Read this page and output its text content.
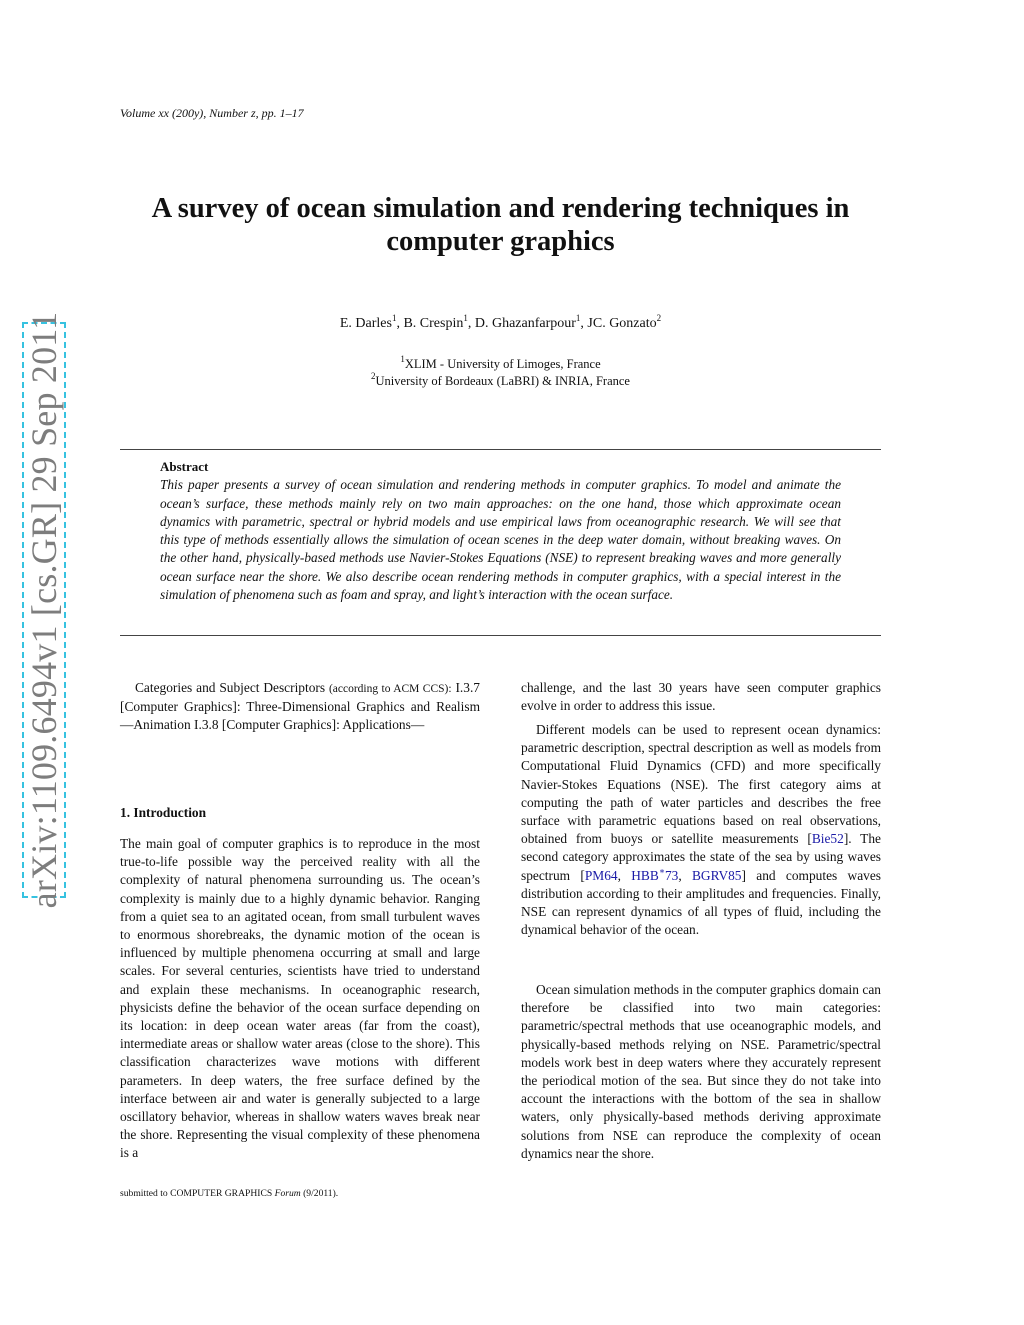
Volume xx (200y), Number z, pp. 1–17
A survey of ocean simulation and rendering techniques in
computer graphics
E. Darles$^1$, B. Crespin$^1$, D. Ghazanfarpour$^1$, JC. Gonzato$^2$

$^1$XLIM - University of Limoges, France

$^2$University of Bordeaux (LaBRI) & INRIA, France

Abstract

This paper presents a survey of ocean simulation and rendering methods in computer graphics. To model and animate the ocean’s surface, these methods mainly rely on two main approaches: on the one hand, those which approximate ocean dynamics with parametric, spectral or hybrid models and use empirical laws from oceanographic research. We will see that this type of methods essentially allows the simulation of ocean scenes in the deep water domain, without breaking waves. On the other hand, physically-based methods use Navier-Stokes Equations (NSE) to represent breaking waves and more generally ocean surface near the shore. We also describe ocean rendering methods in computer graphics, with a special interest in the simulation of phenomena such as foam and spray, and light’s interaction with the ocean surface.

Categories and Subject Descriptors (according to ACM CCS): I.3.7 [Computer Graphics]: Three-Dimensional Graphics and Realism—Animation I.3.8 [Computer Graphics]: Applications—

1. Introduction

The main goal of computer graphics is to reproduce in the most true-to-life possible way the perceived reality with all the complexity of natural phenomena surrounding us. The ocean’s complexity is mainly due to a highly dynamic behavior. Ranging from a quiet sea to an agitated ocean, from small turbulent waves to enormous shorebreaks, the dynamic motion of the ocean is influenced by multiple phenomena occurring at small and large scales. For several centuries, scientists have tried to understand and explain these mechanisms. In oceanographic research, physicists define the behavior of the ocean surface depending on its location: in deep ocean water areas (far from the coast), intermediate areas or shallow water areas (close to the shore). This classification characterizes wave motions with different parameters. In deep waters, the free surface defined by the interface between air and water is generally subjected to a large oscillatory behavior, whereas in shallow waters waves break near the shore. Representing the visual complexity of these phenomena is a

challenge, and the last 30 years have seen computer graphics evolve in order to address this issue.

Different models can be used to represent ocean dynamics: parametric description, spectral description as well as models from Computational Fluid Dynamics (CFD) and more specifically Navier-Stokes Equations (NSE). The first category aims at computing the path of water particles and describes the free surface with parametric equations based on real observations, obtained from buoys or satellite measurements [Bie52]. The second category approximates the state of the sea by using waves spectrum [PM64, HBB∗73, BGRV85] and computes waves distribution according to their amplitudes and frequencies. Finally, NSE can represent dynamics of all types of fluid, including the dynamical behavior of the ocean.

Ocean simulation methods in the computer graphics domain can therefore be classified into two main categories: parametric/spectral methods that use oceanographic models, and physically-based methods relying on NSE. Parametric/spectral models work best in deep waters where they accurately represent the periodical motion of the sea. But since they do not take into account the interactions with the bottom of the sea in shallow waters, only physically-based methods deriving approximate solutions from NSE can reproduce the complexity of ocean dynamics near the shore.

submitted to COMPUTER GRAPHICS Forum (9/2011).
arXiv:1109.6494v1 [cs.GR] 29 Sep 2011
